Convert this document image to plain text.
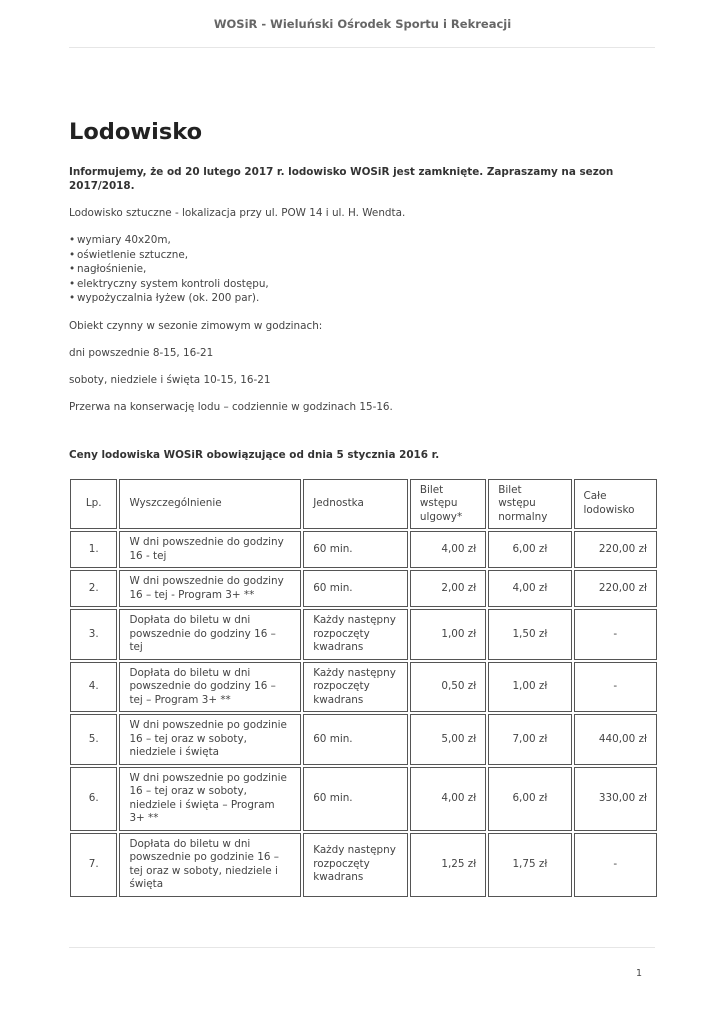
WOSiR - Wieluński Ośrodek Sportu i Rekreacji
Lodowisko

Informujemy, że od 20 lutego 2017 r. lodowisko WOSiR jest zamknięte. Zapraszamy na sezon 2017/2018.

Lodowisko sztuczne - lokalizacja przy ul. POW 14 i ul. H. Wendta.

• wymiary 40x20m,
• oświetlenie sztuczne,
• nagłośnienie,
• elektryczny system kontroli dostępu,
• wypożyczalnia łyżew (ok. 200 par).

Obiekt czynny w sezonie zimowym w godzinach:

dni powszednie 8-15, 16-21

soboty, niedziele i święta 10-15, 16-21

Przerwa na konserwację lodu – codziennie w godzinach 15-16.

Ceny lodowiska WOSiR obowiązujące od dnia 5 stycznia 2016 r.

Lp.	Wyszczególnienie	Jednostka	Bilet wstępu ulgowy*	Bilet wstępu normalny	Całe lodowisko
1.	W dni powszednie do godziny 16 - tej	60 min.	4,00 zł	6,00 zł	220,00 zł
2.	W dni powszednie do godziny 16 – tej - Program 3+ **	60 min.	2,00 zł	4,00 zł	220,00 zł
3.	Dopłata do biletu w dni powszednie do godziny 16 – tej	Każdy następny rozpoczęty kwadrans	1,00 zł	1,50 zł	-
4.	Dopłata do biletu w dni powszednie do godziny 16 – tej – Program 3+ **	Każdy następny rozpoczęty kwadrans	0,50 zł	1,00 zł	-
5.	W dni powszednie po godzinie 16 – tej oraz w soboty, niedziele i święta	60 min.	5,00 zł	7,00 zł	440,00 zł
6.	W dni powszednie po godzinie 16 – tej oraz w soboty, niedziele i święta – Program 3+ **	60 min.	4,00 zł	6,00 zł	330,00 zł
7.	Dopłata do biletu w dni powszednie po godzinie 16 – tej oraz w soboty, niedziele i święta	Każdy następny rozpoczęty kwadrans	1,25 zł	1,75 zł	-
1
